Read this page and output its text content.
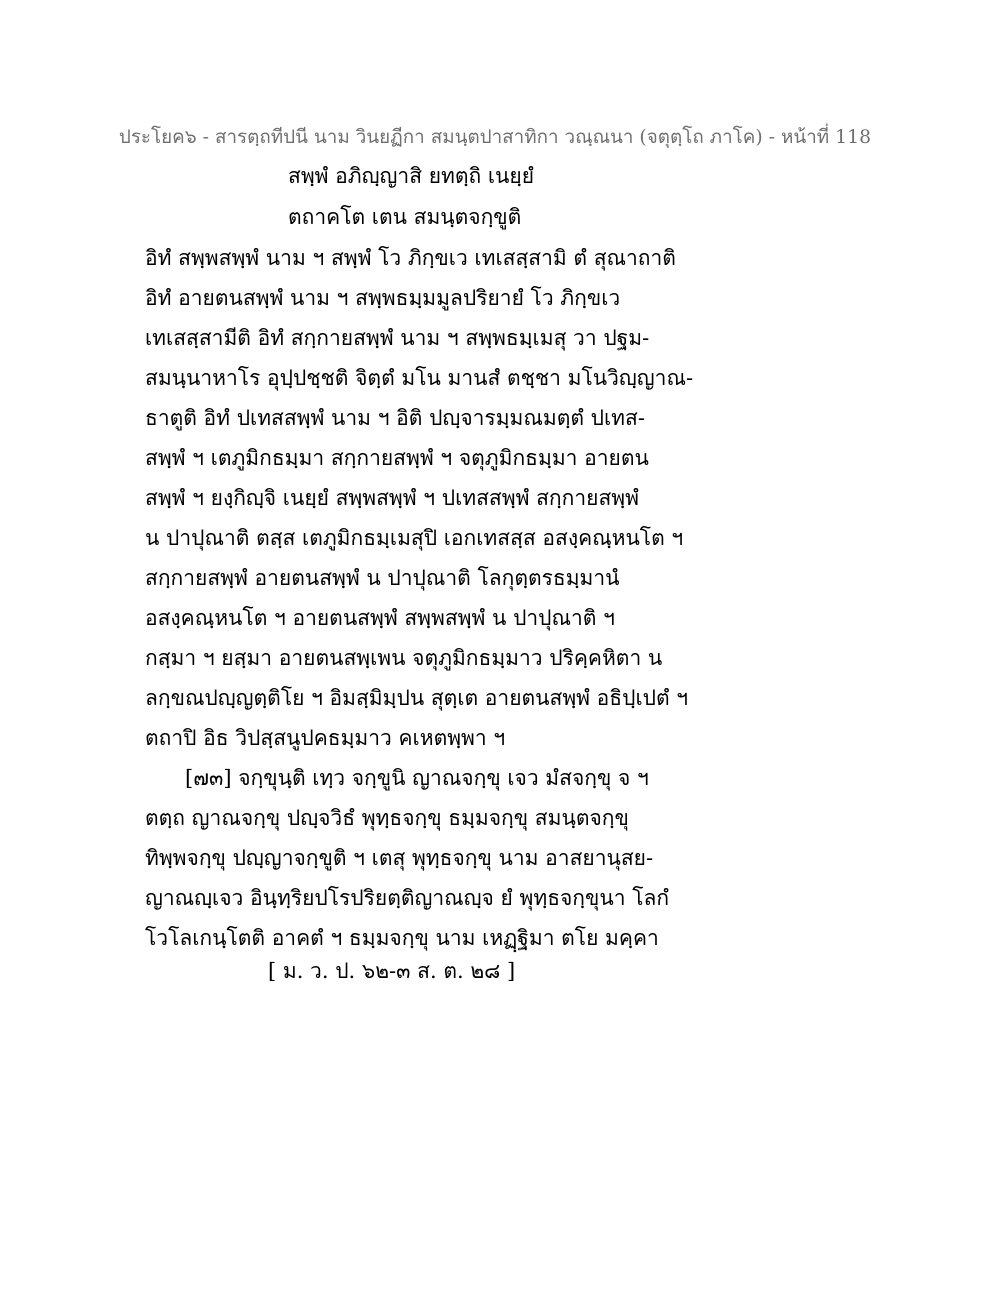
ประโยค๖ - สารตฺถทีปนี นาม วินยฏีกา สมนฺตปาสาทิกา วณฺณนา (จตุตฺโถ ภาโค) - หน้าที่ 118
สพฺพํ อภิญฺญาสิ ยทตฺถิ เนยฺยํ
ตถาคโต เตน สมนฺตจกฺขูติ
อิทํ สพฺพสพฺพํ นาม ฯ สพฺพํ โว ภิกฺขเว เทเสสฺสามิ ตํ สุณาถาติ
อิทํ อายตนสพฺพํ นาม ฯ สพฺพธมฺมมูลปริยายํ โว ภิกฺขเว
เทเสสฺสามีติ อิทํ สกฺกายสพฺพํ นาม ฯ สพฺพธมฺเมสุ วา ปฐม-
สมนฺนาหาโร อุปฺปชฺชติ จิตฺตํ มโน มานสํ ตชฺชา มโนวิญฺญาณ-
ธาตูติ อิทํ ปเทสสพฺพํ นาม ฯ อิติ ปญฺจารมฺมณมตฺตํ ปเทส-
สพฺพํ ฯ เตภูมิกธมฺมา สกฺกายสพฺพํ ฯ จตุภูมิกธมฺมา อายตน
สพฺพํ ฯ ยงฺกิญฺจิ เนยฺยํ สพฺพสพฺพํ ฯ ปเทสสพฺพํ สกฺกายสพฺพํ
น ปาปุณาติ ตสฺส เตภูมิกธมฺเมสุปิ เอกเทสสฺส อสงฺคณฺหนโต ฯ
สกฺกายสพฺพํ อายตนสพฺพํ น ปาปุณาติ โลกุตฺตรธมฺมานํ
อสงฺคณฺหนโต ฯ อายตนสพฺพํ สพฺพสพฺพํ น ปาปุณาติ ฯ
กสฺมา ฯ ยสฺมา อายตนสพฺเพน จตุภูมิกธมฺมาว ปริคฺคหิตา น
ลกฺขณปญฺญตฺติโย ฯ อิมสฺมิมฺปน สุตฺเต อายตนสพฺพํ อธิปฺเปตํ ฯ
ตถาปิ อิธ วิปสฺสนูปคธมฺมาว คเหตพฺพา ฯ
[๗๓] จกฺขุนฺติ เทฺว จกฺขูนิ ญาณจกฺขุ เจว มํสจกฺขุ จ ฯ
ตตฺถ ญาณจกฺขุ ปญฺจวิธํ พุทฺธจกฺขุ ธมฺมจกฺขุ สมนฺตจกฺขุ
ทิพฺพจกฺขุ ปญฺญาจกฺขูติ ฯ เตสุ พุทฺธจกฺขุ นาม อาสยานุสย-
ญาณญฺเจว อินฺทฺริยปโรปริยตฺติญาณญฺจ ยํ พุทฺธจกฺขุนา โลกํ
โวโลเกนฺโตติ อาคตํ ฯ ธมฺมจกฺขุ นาม เหฏฺฐิมา ตโย มคฺคา
[ ม. ว. ป. ๖๒-๓ ส. ต. ๒๘ ]
